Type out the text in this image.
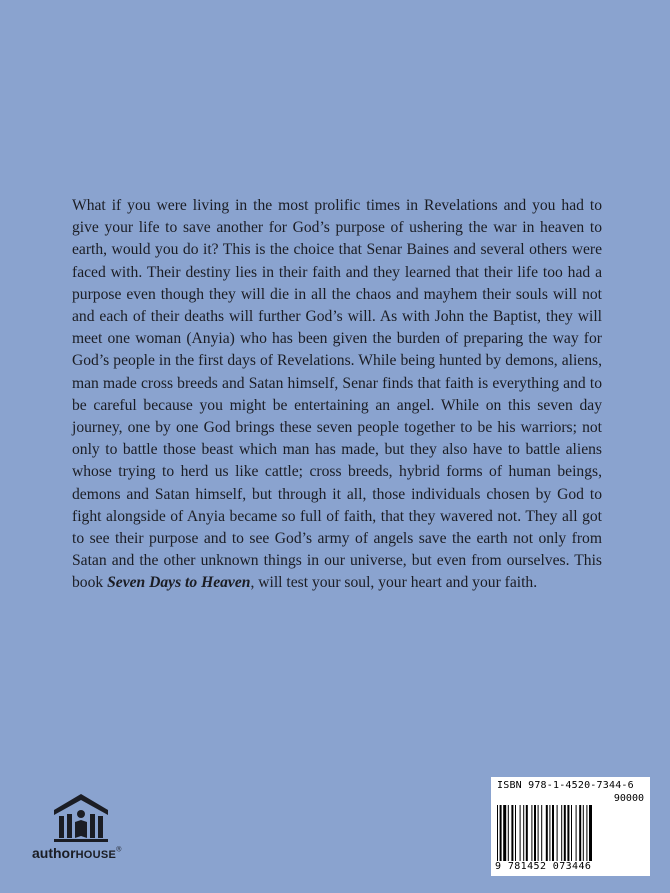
What if you were living in the most prolific times in Revelations and you had to give your life to save another for God’s purpose of ushering the war in heaven to earth, would you do it? This is the choice that Senar Baines and several others were faced with. Their destiny lies in their faith and they learned that their life too had a purpose even though they will die in all the chaos and mayhem their souls will not and each of their deaths will further God’s will. As with John the Baptist, they will meet one woman (Anyia) who has been given the burden of preparing the way for God’s people in the first days of Revelations. While being hunted by demons, aliens, man made cross breeds and Satan himself, Senar finds that faith is everything and to be careful because you might be entertaining an angel. While on this seven day journey, one by one God brings these seven people together to be his warriors; not only to battle those beast which man has made, but they also have to battle aliens whose trying to herd us like cattle; cross breeds, hybrid forms of human beings, demons and Satan himself, but through it all, those individuals chosen by God to fight alongside of Anyia became so full of faith, that they wavered not. They all got to see their purpose and to see God’s army of angels save the earth not only from Satan and the other unknown things in our universe, but even from ourselves. This book Seven Days to Heaven, will test your soul, your heart and your faith.

authorHOUSE®
ISBN 978-1-4520-7344-6
90000
9 781452 073446
